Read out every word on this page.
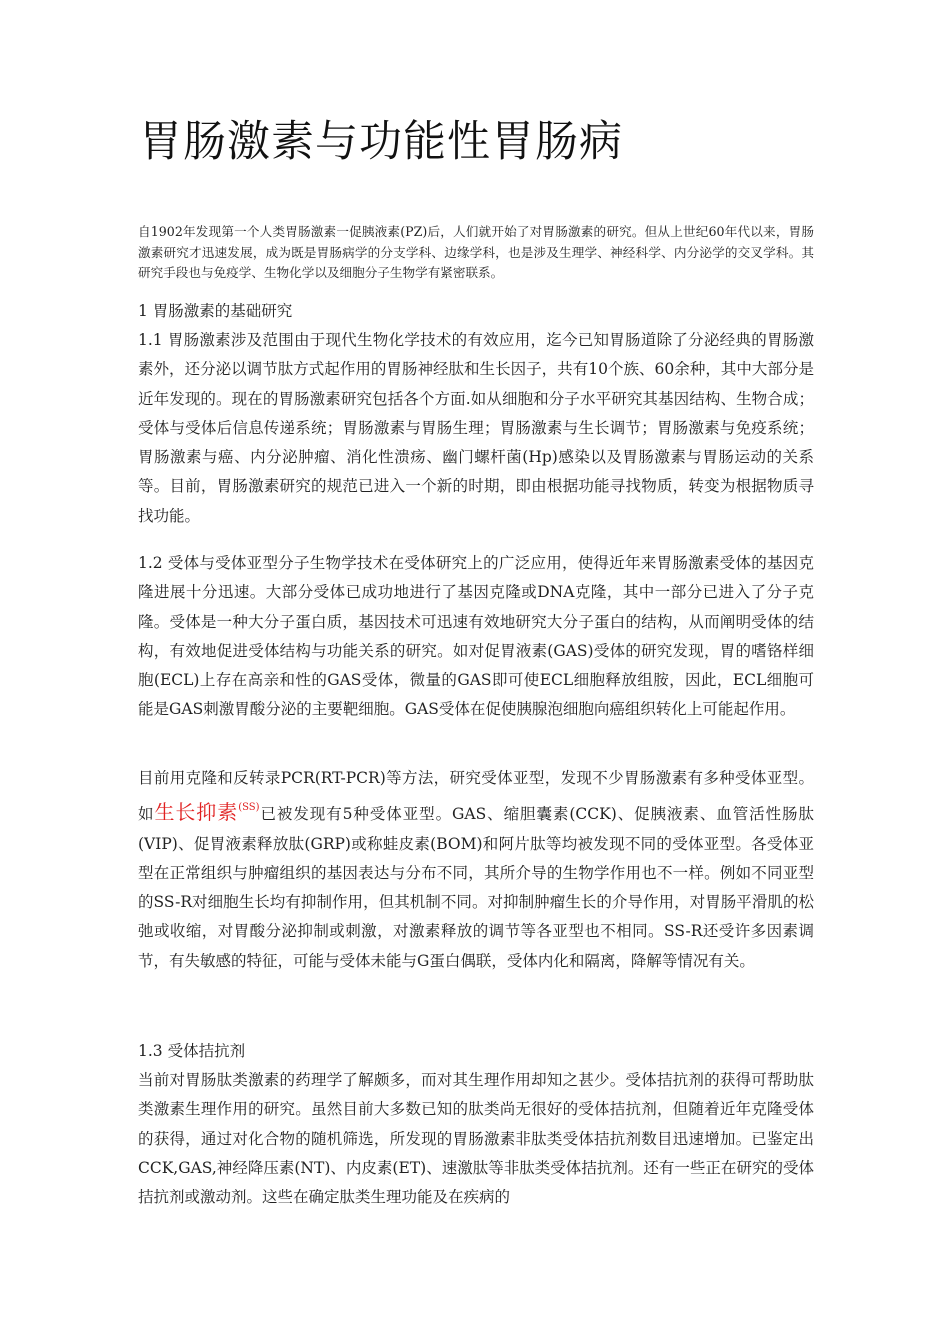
胃肠激素与功能性胃肠病

自1902年发现第一个人类胃肠激素一促胰液素(PZ)后，人们就开始了对胃肠激素的研究。但从上世纪60年代以来，胃肠激素研究才迅速发展，成为既是胃肠病学的分支学科、边缘学科，也是涉及生理学、神经科学、内分泌学的交叉学科。其研究手段也与免疫学、生物化学以及细胞分子生物学有紧密联系。

1 胃肠激素的基础研究

1.1 胃肠激素涉及范围由于现代生物化学技术的有效应用，迄今已知胃肠道除了分泌经典的胃肠激素外，还分泌以调节肽方式起作用的胃肠神经肽和生长因子，共有10个族、60余种，其中大部分是近年发现的。现在的胃肠激素研究包括各个方面.如从细胞和分子水平研究其基因结构、生物合成；受体与受体后信息传递系统；胃肠激素与胃肠生理；胃肠激素与生长调节；胃肠激素与免疫系统；胃肠激素与癌、内分泌肿瘤、消化性溃疡、幽门螺杆菌(Hp)感染以及胃肠激素与胃肠运动的关系等。目前，胃肠激素研究的规范已进入一个新的时期，即由根据功能寻找物质，转变为根据物质寻找功能。

1.2 受体与受体亚型分子生物学技术在受体研究上的广泛应用，使得近年来胃肠激素受体的基因克隆进展十分迅速。大部分受体已成功地进行了基因克隆或DNA克隆，其中一部分已进入了分子克隆。受体是一种大分子蛋白质，基因技术可迅速有效地研究大分子蛋白的结构，从而阐明受体的结构，有效地促进受体结构与功能关系的研究。如对促胃液素(GAS)受体的研究发现，胃的嗜铬样细胞(ECL)上存在高亲和性的GAS受体，微量的GAS即可使ECL细胞释放组胺，因此，ECL细胞可能是GAS刺激胃酸分泌的主要靶细胞。GAS受体在促使胰腺泡细胞向癌组织转化上可能起作用。

目前用克隆和反转录PCR(RT-PCR)等方法，研究受体亚型，发现不少胃肠激素有多种受体亚型。如生长抑素$^{(SS)}$已被发现有5种受体亚型。GAS、缩胆囊素(CCK)、促胰液素、血管活性肠肽(VIP)、促胃液素释放肽(GRP)或称蛙皮素(BOM)和阿片肽等均被发现不同的受体亚型。各受体亚型在正常组织与肿瘤组织的基因表达与分布不同，其所介导的生物学作用也不一样。例如不同亚型的SS-R对细胞生长均有抑制作用，但其机制不同。对抑制肿瘤生长的介导作用，对胃肠平滑肌的松弛或收缩，对胃酸分泌抑制或刺激，对激素释放的调节等各亚型也不相同。SS-R还受许多因素调节，有失敏感的特征，可能与受体未能与G蛋白偶联，受体内化和隔离，降解等情况有关。

1.3 受体拮抗剂

当前对胃肠肽类激素的药理学了解颇多，而对其生理作用却知之甚少。受体拮抗剂的获得可帮助肽类激素生理作用的研究。虽然目前大多数已知的肽类尚无很好的受体拮抗剂，但随着近年克隆受体的获得，通过对化合物的随机筛选，所发现的胃肠激素非肽类受体拮抗剂数目迅速增加。已鉴定出CCK,GAS,神经降压素(NT)、内皮素(ET)、速激肽等非肽类受体拮抗剂。还有一些正在研究的受体拮抗剂或激动剂。这些在确定肽类生理功能及在疾病的
